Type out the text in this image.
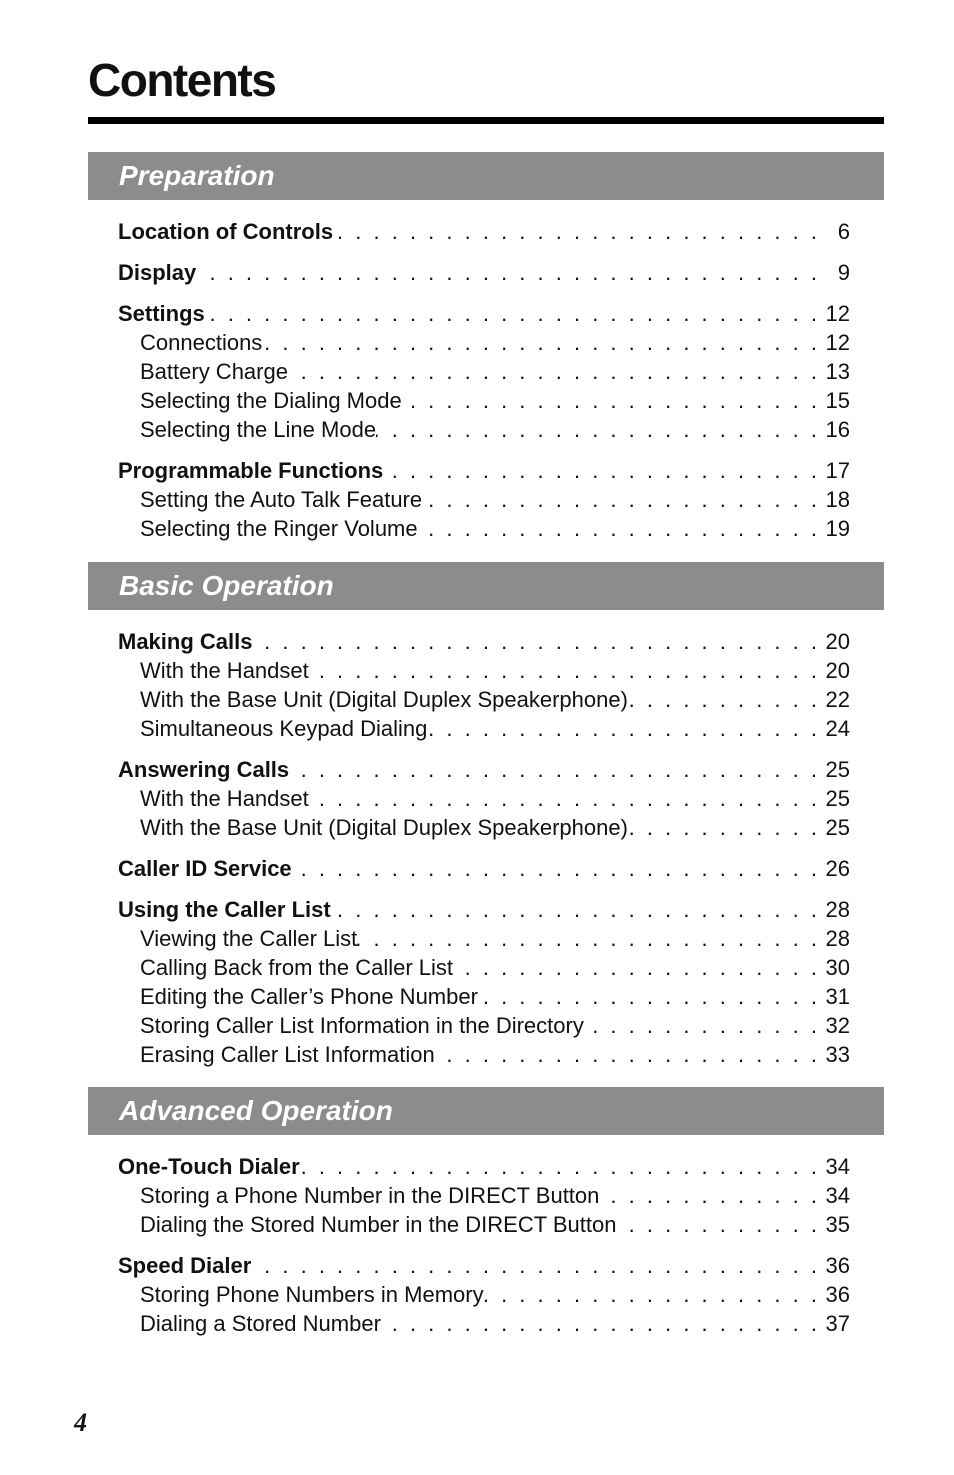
Contents
Preparation
Location of Controls . . .	6
Display . . .	9
Settings . . .	12
Connections . . .	12
Battery Charge . . .	13
Selecting the Dialing Mode . . .	15
Selecting the Line Mode . . .	16
Programmable Functions . . .	17
Setting the Auto Talk Feature . . .	18
Selecting the Ringer Volume . . .	19
Basic Operation
Making Calls . . .	20
With the Handset . . .	20
With the Base Unit (Digital Duplex Speakerphone) . . .	22
Simultaneous Keypad Dialing . . .	24
Answering Calls . . .	25
With the Handset . . .	25
With the Base Unit (Digital Duplex Speakerphone) . . .	25
Caller ID Service . . .	26
Using the Caller List . . .	28
Viewing the Caller List . . .	28
Calling Back from the Caller List . . .	30
Editing the Caller’s Phone Number . . .	31
Storing Caller List Information in the Directory . . .	32
Erasing Caller List Information . . .	33
Advanced Operation
One-Touch Dialer . . .	34
Storing a Phone Number in the DIRECT Button . . .	34
Dialing the Stored Number in the DIRECT Button . . .	35
Speed Dialer . . .	36
Storing Phone Numbers in Memory . . .	36
Dialing a Stored Number . . .	37
4
